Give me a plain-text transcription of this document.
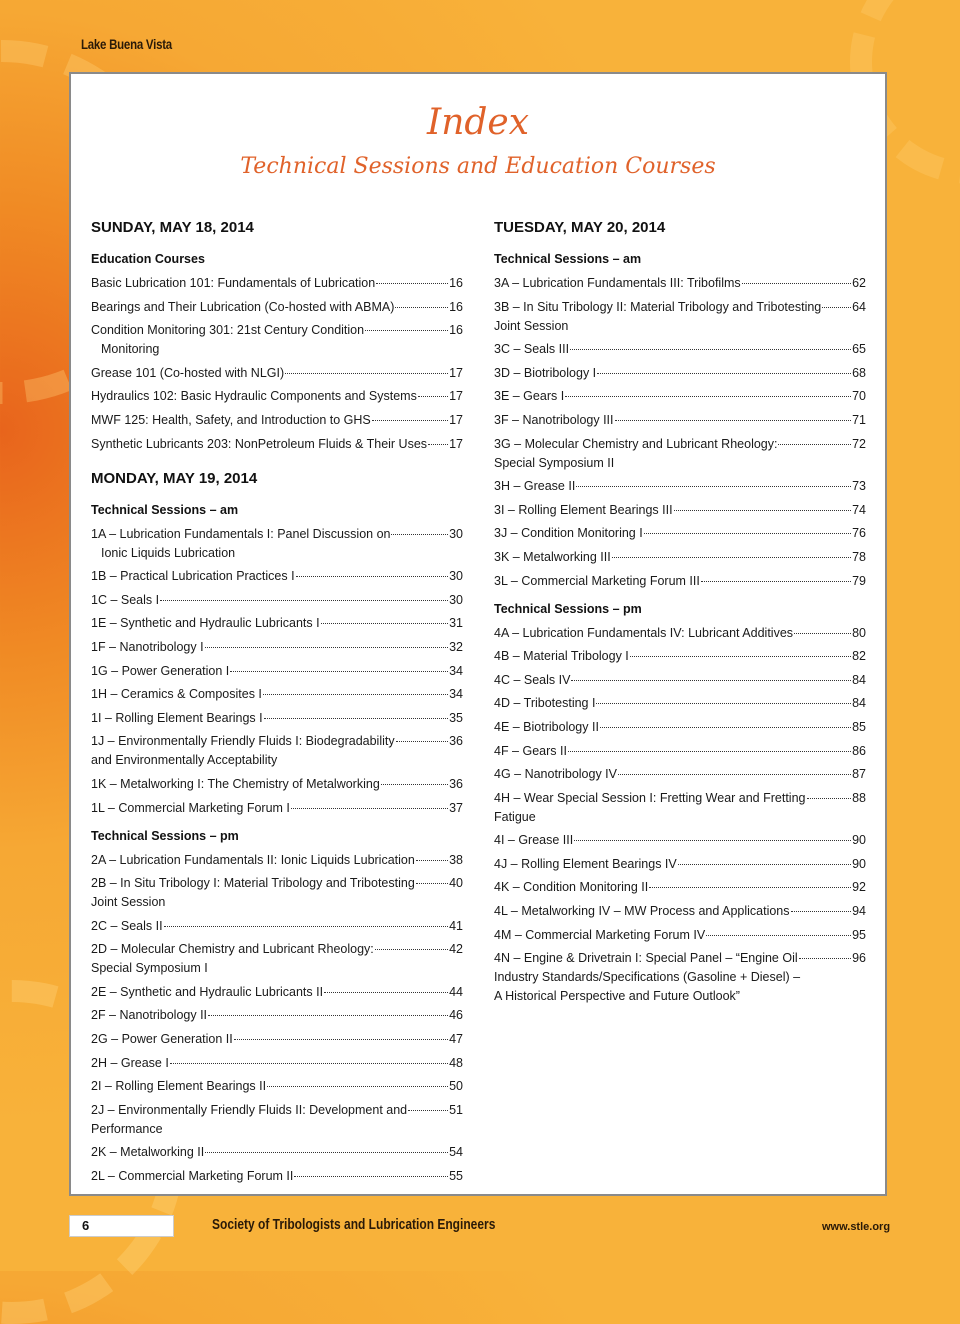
Lake Buena Vista
Index
Technical Sessions and Education Courses
SUNDAY, MAY 18, 2014
Education Courses
Basic Lubrication 101: Fundamentals of Lubrication	16
Bearings and Their Lubrication (Co-hosted with ABMA)	16
Condition Monitoring 301: 21st Century Condition	16
Monitoring
Grease 101 (Co-hosted with NLGI)	17
Hydraulics 102: Basic Hydraulic Components and Systems	17
MWF 125: Health, Safety, and Introduction to GHS	17
Synthetic Lubricants 203: NonPetroleum Fluids & Their Uses 17
MONDAY, MAY 19, 2014
Technical Sessions – am
1A – Lubrication Fundamentals I: Panel Discussion on	30
Ionic Liquids Lubrication
1B – Practical Lubrication Practices I	30
1C – Seals I	30
1E – Synthetic and Hydraulic Lubricants I	31
1F – Nanotribology I	32
1G – Power Generation I	34
1H – Ceramics & Composites I	34
1I – Rolling Element Bearings I	35
1J – Environmentally Friendly Fluids I: Biodegradability	36
and Environmentally Acceptability
1K – Metalworking I: The Chemistry of Metalworking	36
1L – Commercial Marketing Forum I	37
Technical Sessions – pm
2A – Lubrication Fundamentals II: Ionic Liquids Lubrication	38
2B – In Situ Tribology I: Material Tribology and Tribotesting	40
Joint Session
2C – Seals II	41
2D – Molecular Chemistry and Lubricant Rheology:	42
Special Symposium I
2E – Synthetic and Hydraulic Lubricants II	44
2F – Nanotribology II	46
2G – Power Generation II	47
2H – Grease I	48
2I – Rolling Element Bearings II	50
2J – Environmentally Friendly Fluids II: Development and	51
Performance
2K – Metalworking II	54
2L – Commercial Marketing Forum II	55
TUESDAY, MAY 20, 2014
Technical Sessions – am
3A – Lubrication Fundamentals III: Tribofilms	62
3B – In Situ Tribology II: Material Tribology and Tribotesting 64
Joint Session
3C – Seals III	65
3D – Biotribology I	68
3E – Gears I	70
3F – Nanotribology III	71
3G – Molecular Chemistry and Lubricant Rheology:	72
Special Symposium II
3H – Grease II	73
3I – Rolling Element Bearings III	74
3J – Condition Monitoring I	76
3K – Metalworking III	78
3L – Commercial Marketing Forum III	79
Technical Sessions – pm
4A – Lubrication Fundamentals IV: Lubricant Additives	80
4B – Material Tribology I	82
4C – Seals IV	84
4D – Tribotesting I	84
4E – Biotribology II	85
4F – Gears II	86
4G – Nanotribology IV	87
4H – Wear Special Session I: Fretting Wear and Fretting	88
Fatigue
4I – Grease III	90
4J – Rolling Element Bearings IV	90
4K – Condition Monitoring II	92
4L – Metalworking IV – MW Process and Applications	94
4M – Commercial Marketing Forum IV	95
4N – Engine & Drivetrain I: Special Panel – “Engine Oil	96
Industry Standards/Specifications (Gasoline + Diesel) –
A Historical Perspective and Future Outlook”
6	Society of Tribologists and Lubrication Engineers	www.stle.org
